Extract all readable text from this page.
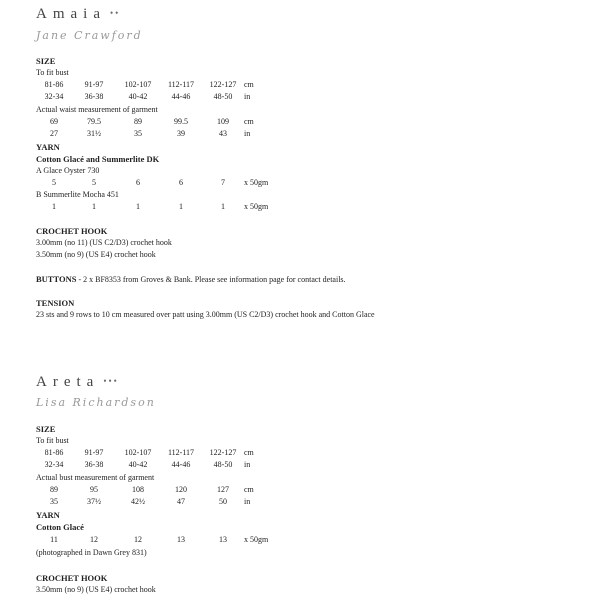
Amaia ••
Jane Crawford
SIZE
To fit bust
81-86	91-97	102-107	112-117	122-127 cm
32-34	36-38	40-42	44-46	48-50	in
Actual waist measurement of garment
69	79.5	89	99.5	109	cm
27	31½	35	39	43	in
YARN
Cotton Glacé and Summerlite DK
A Glace Oyster 730
5	5	6	6	7	x 50gm
B Summerlite Mocha 451
1	1	1	1	1	x 50gm
CROCHET HOOK
3.00mm (no 11) (US C2/D3) crochet hook
3.50mm (no 9) (US E4) crochet hook
BUTTONS - 2 x BF8353 from Groves & Bank. Please see information page for contact details.
TENSION
23 sts and 9 rows to 10 cm measured over patt using 3.00mm (US C2/D3) crochet hook and Cotton Glace
Areta •••
Lisa Richardson
SIZE
To fit bust
81-86	91-97	102-107	112-117	122-127 cm
32-34	36-38	40-42	44-46	48-50	in
Actual bust measurement of garment
89	95	108	120	127	cm
35	37½	42½	47	50	in
YARN
Cotton Glacé
11	12	12	13	13	x 50gm
(photographed in Dawn Grey 831)
CROCHET HOOK
3.50mm (no 9) (US E4) crochet hook
